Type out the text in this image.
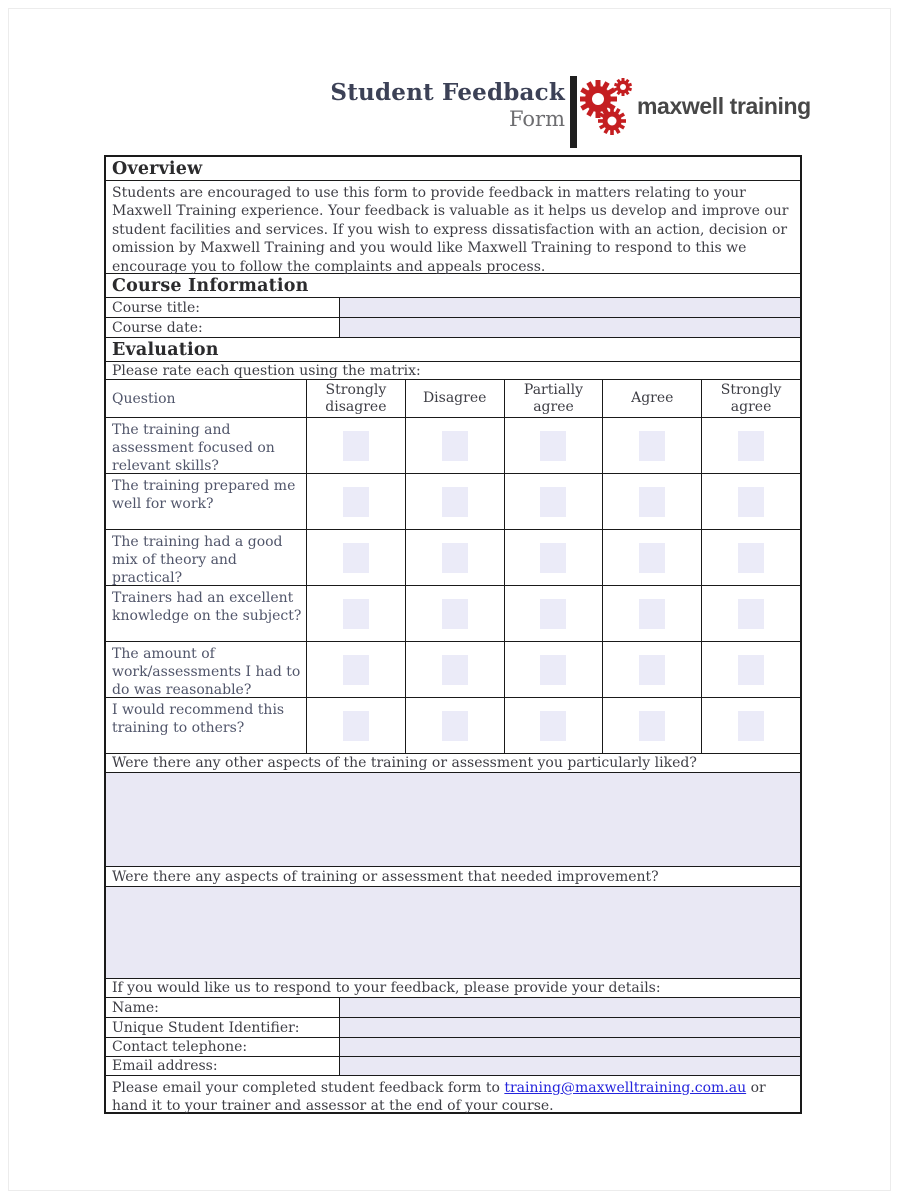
Student Feedback
Form
maxwell training
Overview
Students are encouraged to use this form to provide feedback in matters relating to your Maxwell Training experience. Your feedback is valuable as it helps us develop and improve our student facilities and services. If you wish to express dissatisfaction with an action, decision or omission by Maxwell Training and you would like Maxwell Training to respond to this we encourage you to follow the complaints and appeals process.
Course Information
Course title:
Course date:
Evaluation
Please rate each question using the matrix:
Question
Strongly disagree
Disagree
Partially agree
Agree
Strongly agree
The training and assessment focused on relevant skills?
The training prepared me well for work?
The training had a good mix of theory and practical?
Trainers had an excellent knowledge on the subject?
The amount of work/assessments I had to do was reasonable?
I would recommend this training to others?
Were there any other aspects of the training or assessment you particularly liked?
Were there any aspects of training or assessment that needed improvement?
If you would like us to respond to your feedback, please provide your details:
Name:
Unique Student Identifier:
Contact telephone:
Email address:
Please email your completed student feedback form to training@maxwelltraining.com.au or hand it to your trainer and assessor at the end of your course.
